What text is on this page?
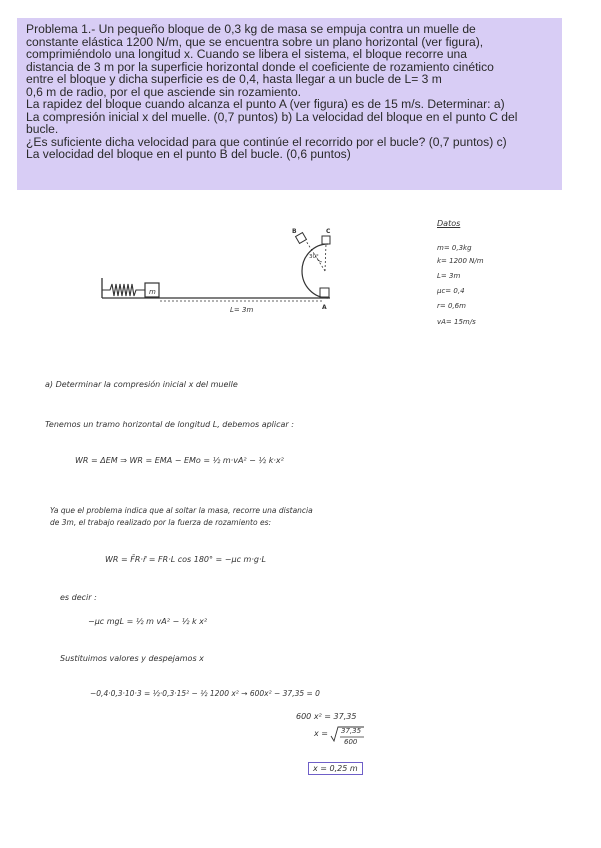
Problema 1.- Un pequeño bloque de 0,3 kg de masa se empuja contra un muelle de

constante elástica 1200 N/m, que se encuentra sobre un plano horizontal (ver figura),

comprimiéndolo una longitud x. Cuando se libera el sistema, el bloque recorre una

distancia de 3 m por la superficie horizontal donde el coeficiente de rozamiento cinético

entre el bloque y dicha superficie es de 0,4, hasta llegar a un bucle de L= 3 m

0,6 m de radio, por el que asciende sin rozamiento.

La rapidez del bloque cuando alcanza el punto A (ver figura) es de 15 m/s. Determinar: a)

La compresión inicial x del muelle. (0,7 puntos) b) La velocidad del bloque en el punto C del

bucle.

¿Es suficiente dicha velocidad para que continúe el recorrido por el bucle? (0,7 puntos) c)

La velocidad del bloque en el punto B del bucle. (0,6 puntos)

m
L= 3m
30°
B	C
A
Datos
m= 0,3kg
k= 1200 N/m
L= 3m
μc= 0,4
r= 0,6m
vA= 15m/s
a) Determinar la compresión inicial x del muelle
Tenemos un tramo horizontal de longitud L, debemos aplicar :
WR = ΔEM ⇒ WR = EMA − EMo = ½ m·vA² − ½ k·x²
Ya que el problema indica que al soltar la masa, recorre una distancia
de 3m, el trabajo realizado por la fuerza de rozamiento es:
WR = F̄R·r̄ = FR·L cos 180° = −μc m·g·L
es decir :
−μc mgL = ½ m vA² − ½ k x²
Sustituimos valores y despejamos x
−0,4·0,3·10·3 = ½·0,3·15² − ½ 1200 x² → 600x² − 37,35 = 0
600 x² = 37,35
x = 37,35
600
x = 0,25 m
